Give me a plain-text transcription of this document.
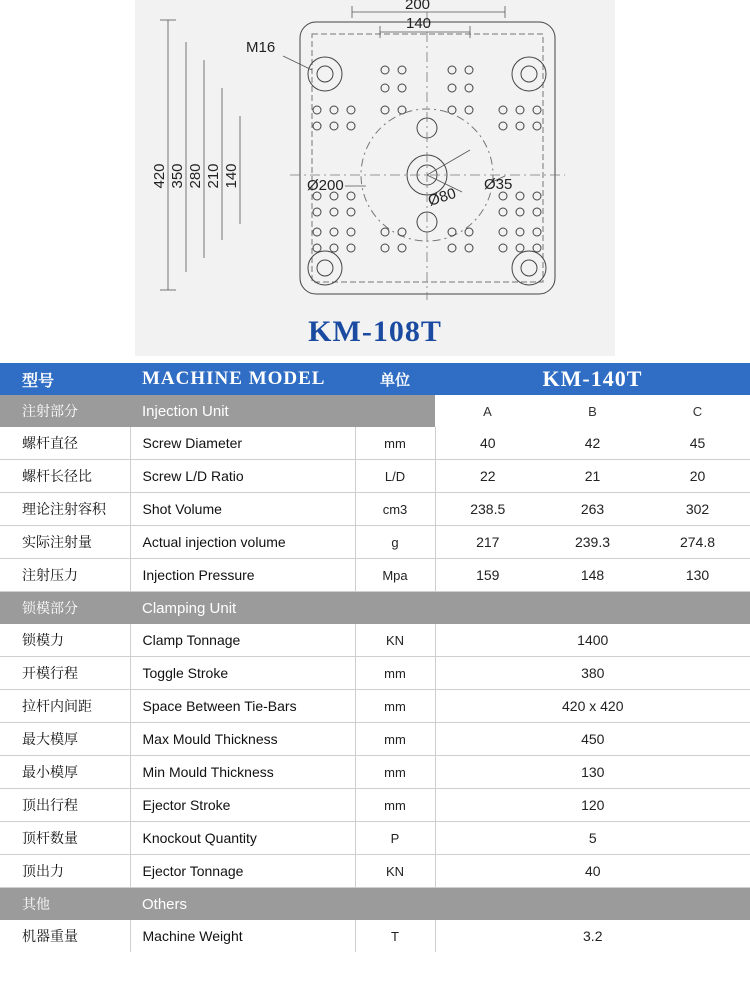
200
140
M16
Ø200	Ø80
Ø35
420 350 280 210 140
KM-108T
型号	MACHINE MODEL	单位	KM-140T		
注射部分	Injection Unit		A	B	C
螺杆直径	Screw Diameter	mm	40	42	45
螺杆长径比	Screw L/D Ratio	L/D	22	21	20
理论注射容积	Shot Volume	cm3	238.5	263	302
实际注射量	Actual injection volume	g	217	239.3	274.8
注射压力	Injection Pressure	Mpa	159	148	130
锁模部分	Clamping Unit				
锁模力	Clamp Tonnage	KN	1400		
开模行程	Toggle Stroke	mm	380		
拉杆内间距	Space Between Tie-Bars	mm	420 x 420		
最大模厚	Max Mould Thickness	mm	450		
最小模厚	Min Mould Thickness	mm	130		
顶出行程	Ejector Stroke	mm	120		
顶杆数量	Knockout Quantity	P	5		
顶出力	Ejector Tonnage	KN	40		
其他	Others				
机器重量	Machine Weight	T	3.2		
